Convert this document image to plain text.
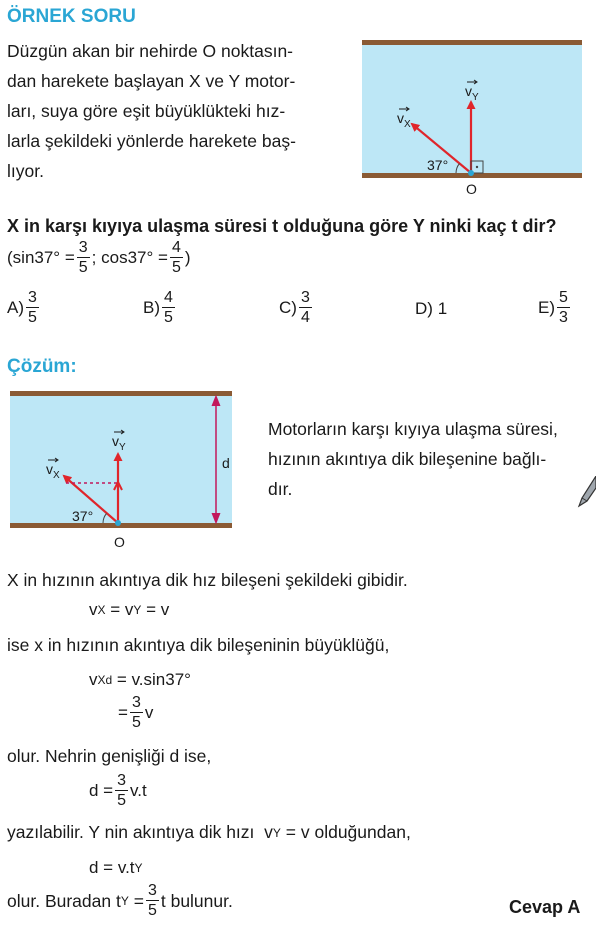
ÖRNEK SORU
Düzgün akan bir nehirde O noktasın-
dan harekete başlayan X ve Y motor-
ları, suya göre eşit büyüklükteki hız-
larla şekildeki yönlerde harekete baş-
lıyor.	37°
O
$v_Y$
$v_X$
X in karşı kıyıya ulaşma süresi t olduğuna göre Y ninki kaç t dir?
($\sin 37^\circ = \frac{3}{5}$ ; $\cos 37^\circ = \frac{4}{5}$ )
$A) \frac{3}{5}$	$B) \frac{4}{5}$	$C) \frac{3}{4}$	D)
1	$E) \frac{5}{3}$
Çözüm:
d
37°
O
$v_Y$
$v_X$
Motorların karşı kıyıya ulaşma süresi,
hızının akıntıya dik bileşenine bağlı-
dır.
X in hızının akıntıya dik hız bileşeni şekildeki gibidir.
v X
= v Y
= v
ise x in hızının akıntıya dik bileşeninin büyüklüğü,
v Xd
= v.sin37°
= $\frac{3}{5}$ v
olur. Nehrin genişliği d ise,
$d = \frac{3}{5} v.t$
yazılabilir. Y nin akıntıya dik hızı
v Y
= v olduğundan,
d = v.t Y
olur. Buradan t Y
= $\frac{3}{5}$ t bulunur.	Cevap A
